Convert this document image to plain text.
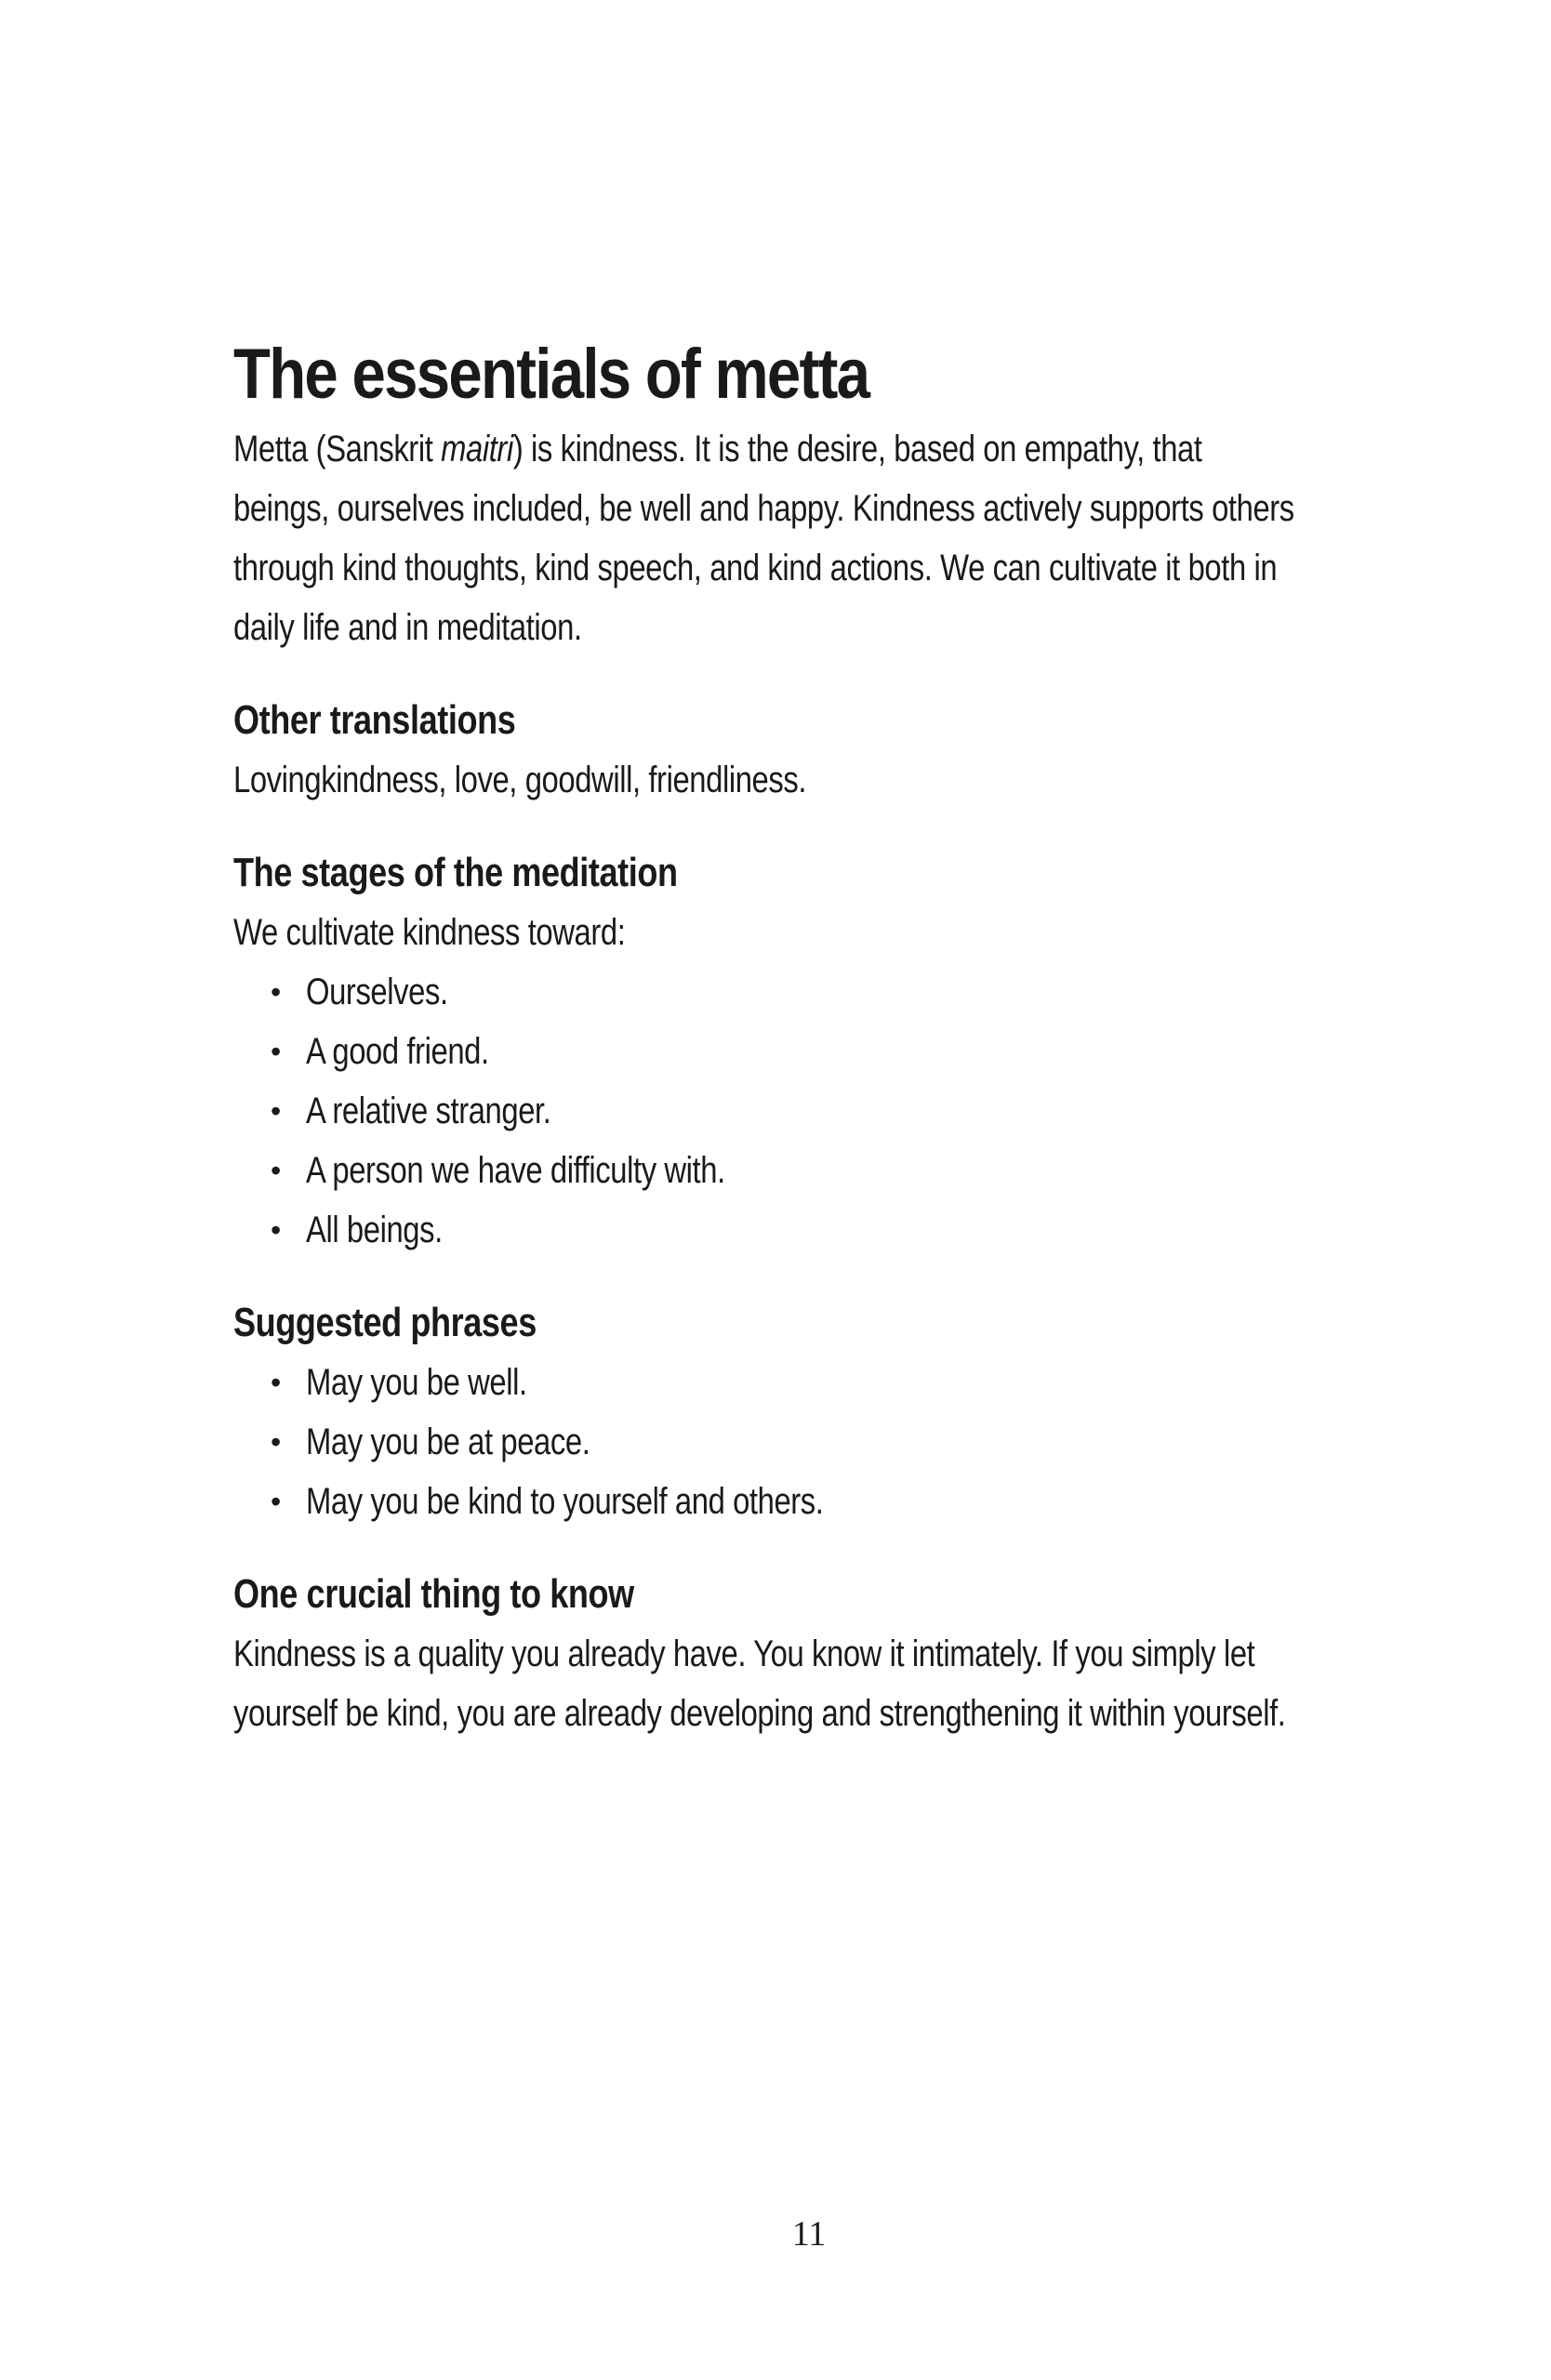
The essentials of metta

Metta (Sanskrit maitri) is kindness. It is the desire, based on empathy, that beings, ourselves included, be well and happy. Kindness actively supports others through kind thoughts, kind speech, and kind actions. We can cultivate it both in daily life and in meditation.

Other translations

Lovingkindness, love, goodwill, friendliness.

The stages of the meditation

We cultivate kindness toward:

• Ourselves.
• A good friend.
• A relative stranger.
• A person we have difficulty with.
• All beings.
Suggested phrases
• May you be well.
• May you be at peace.
• May you be kind to yourself and others.
One crucial thing to know

Kindness is a quality you already have. You know it intimately. If you simply let yourself be kind, you are already developing and strengthening it within yourself.

11
